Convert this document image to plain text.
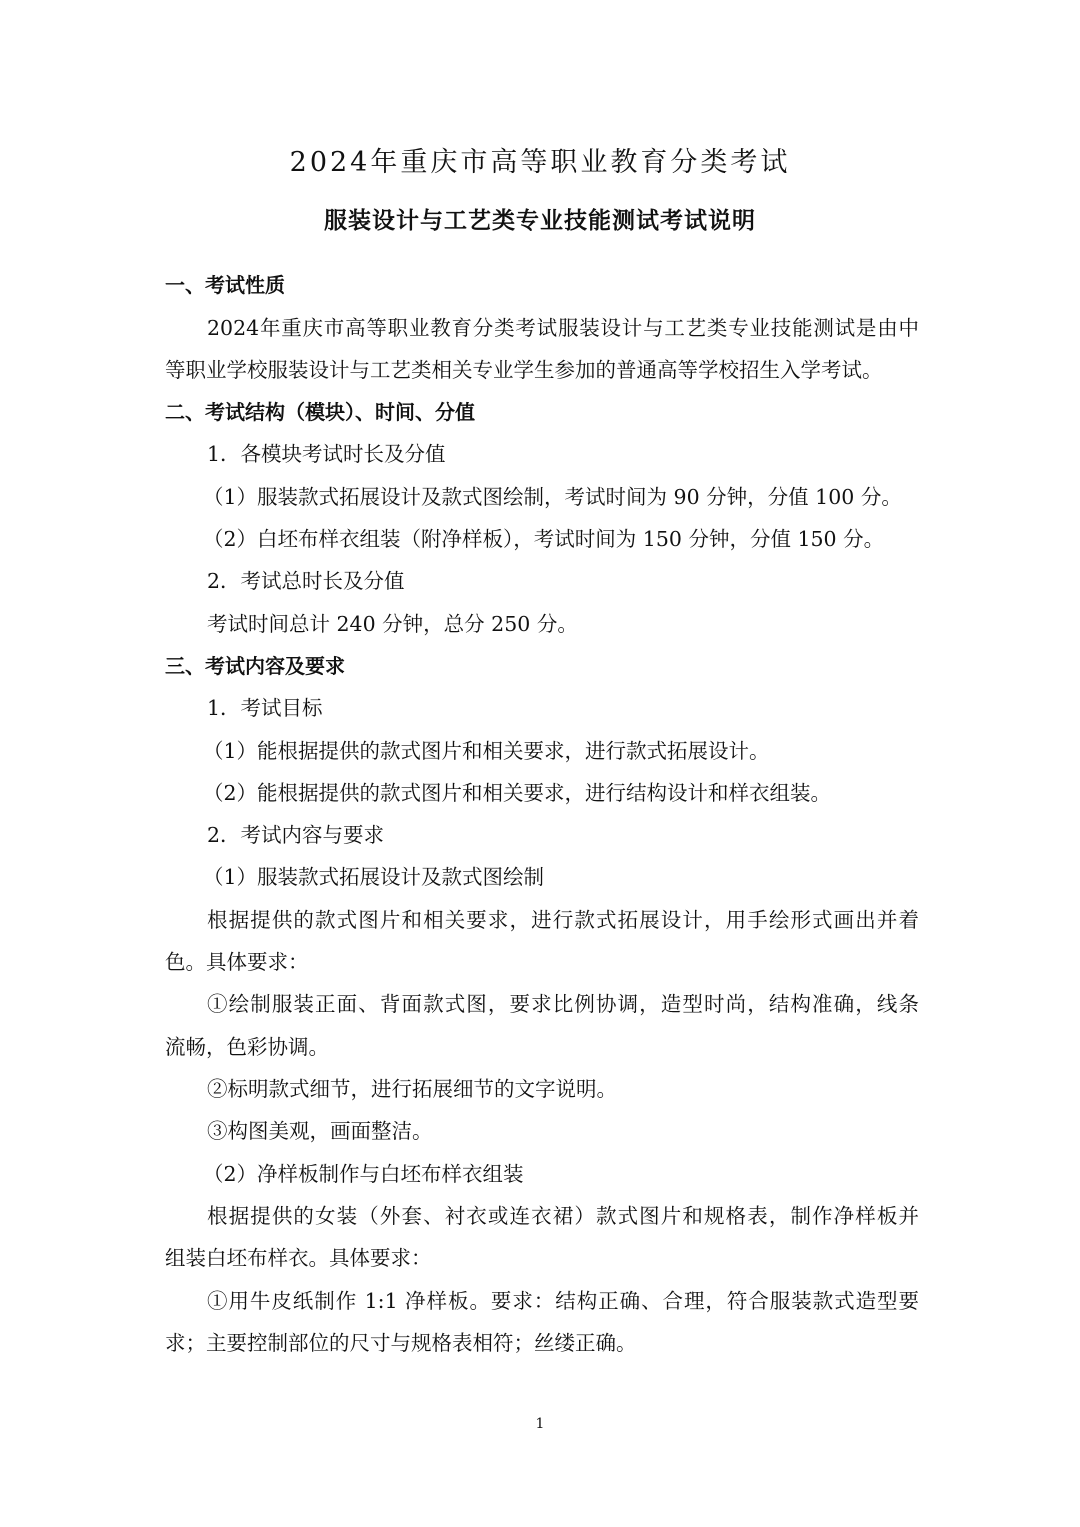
2024年重庆市高等职业教育分类考试
服装设计与工艺类专业技能测试考试说明
一、考试性质
2024年重庆市高等职业教育分类考试服装设计与工艺类专业技能测试是由中
等职业学校服装设计与工艺类相关专业学生参加的普通高等学校招生入学考试。
二、考试结构（模块）、时间、分值
1．各模块考试时长及分值
（1）服装款式拓展设计及款式图绘制，考试时间为 90 分钟，分值 100 分。
（2）白坯布样衣组装（附净样板），考试时间为 150 分钟，分值 150 分。
2．考试总时长及分值
考试时间总计 240 分钟，总分 250 分。
三、考试内容及要求
1．考试目标
（1）能根据提供的款式图片和相关要求，进行款式拓展设计。
（2）能根据提供的款式图片和相关要求，进行结构设计和样衣组装。
2．考试内容与要求
（1）服装款式拓展设计及款式图绘制
根据提供的款式图片和相关要求，进行款式拓展设计，用手绘形式画出并着
色。具体要求：
①绘制服装正面、背面款式图，要求比例协调，造型时尚，结构准确，线条
流畅，色彩协调。
②标明款式细节，进行拓展细节的文字说明。
③构图美观，画面整洁。
（2）净样板制作与白坯布样衣组装
根据提供的女装（外套、衬衣或连衣裙）款式图片和规格表，制作净样板并
组装白坯布样衣。具体要求：
①用牛皮纸制作 1:1 净样板。要求：结构正确、合理，符合服装款式造型要
求；主要控制部位的尺寸与规格表相符；丝缕正确。
1
